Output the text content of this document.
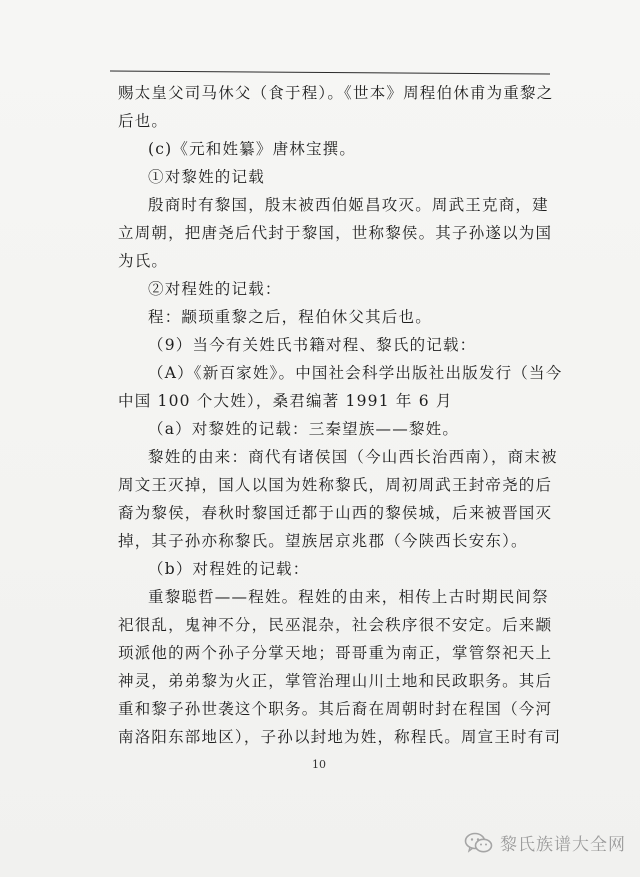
赐太皇父司马休父（食于程）。《世本》周程伯休甫为重黎之
后也。
(c)《元和姓纂》唐林宝撰。
①对黎姓的记载
殷商时有黎国，殷末被西伯姬昌攻灭。周武王克商，建
立周朝，把唐尧后代封于黎国，世称黎侯。其子孙遂以为国
为氏。
②对程姓的记载：
程：颛顼重黎之后，程伯休父其后也。
（9）当今有关姓氏书籍对程、黎氏的记载：
（A）《新百家姓》。中国社会科学出版社出版发行（当今
中国 100 个大姓），桑君编著 1991 年 6 月
（a）对黎姓的记载：三秦望族——黎姓。
黎姓的由来：商代有诸侯国（今山西长治西南），商末被
周文王灭掉，国人以国为姓称黎氏，周初周武王封帝尧的后
裔为黎侯，春秋时黎国迁都于山西的黎侯城，后来被晋国灭
掉，其子孙亦称黎氏。望族居京兆郡（今陕西长安东）。
（b）对程姓的记载：
重黎聪哲——程姓。程姓的由来，相传上古时期民间祭
祀很乱，鬼神不分，民巫混杂，社会秩序很不安定。后来颛
顼派他的两个孙子分掌天地；哥哥重为南正，掌管祭祀天上
神灵，弟弟黎为火正，掌管治理山川土地和民政职务。其后
重和黎子孙世袭这个职务。其后裔在周朝时封在程国（今河
南洛阳东部地区），子孙以封地为姓，称程氏。周宣王时有司
10
黎氏族谱大全网
